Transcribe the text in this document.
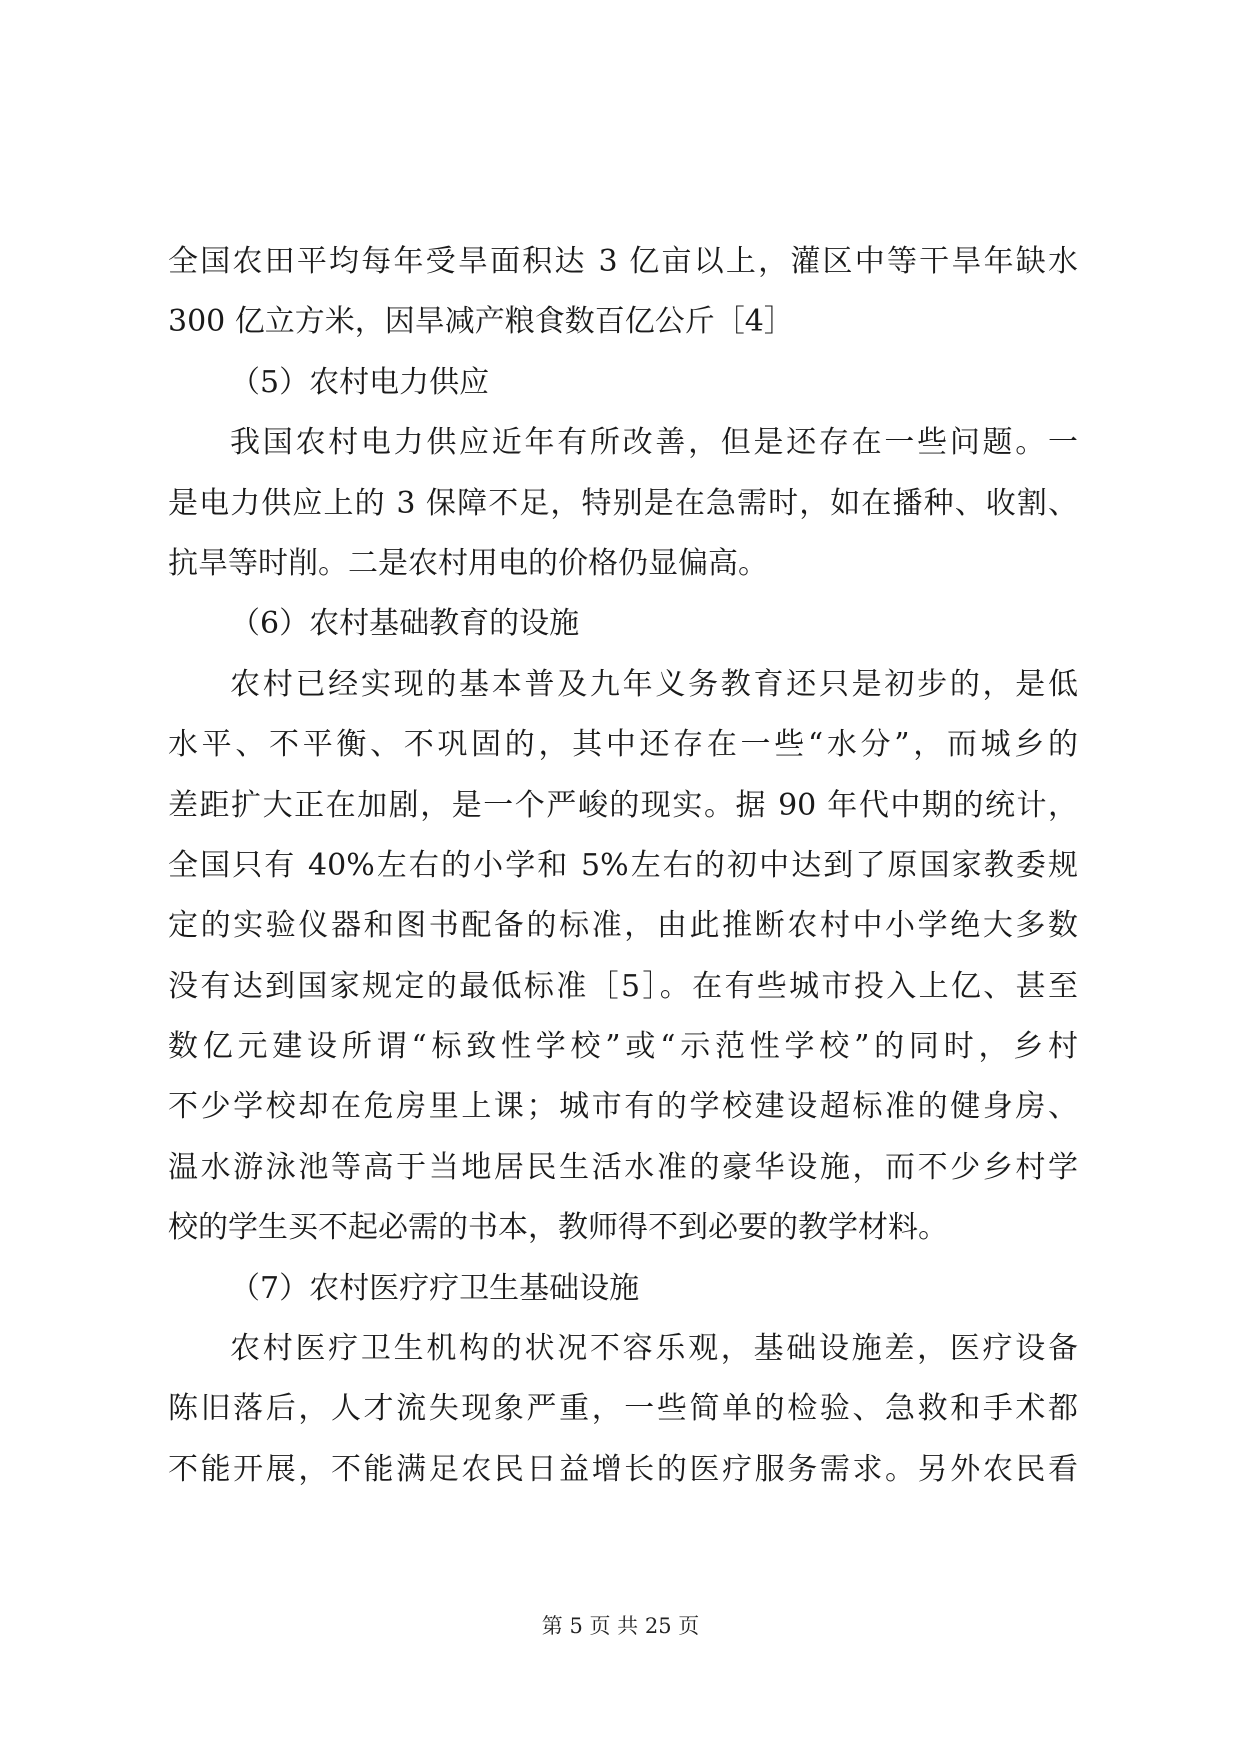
全国农田平均每年受旱面积达 3 亿亩以上，灌区中等干旱年缺水
300 亿立方米，因旱减产粮食数百亿公斤［4］
（5）农村电力供应
我国农村电力供应近年有所改善，但是还存在一些问题。一
是电力供应上的 3 保障不足，特别是在急需时，如在播种、收割、
抗旱等时削。二是农村用电的价格仍显偏高。
（6）农村基础教育的设施
农村已经实现的基本普及九年义务教育还只是初步的，是低
水平、不平衡、不巩固的，其中还存在一些“水分”，而城乡的
差距扩大正在加剧，是一个严峻的现实。据 90 年代中期的统计，
全国只有 40%左右的小学和 5%左右的初中达到了原国家教委规
定的实验仪器和图书配备的标准，由此推断农村中小学绝大多数
没有达到国家规定的最低标准［5］。在有些城市投入上亿、甚至
数亿元建设所谓“标致性学校”或“示范性学校”的同时，乡村
不少学校却在危房里上课；城市有的学校建设超标准的健身房、
温水游泳池等高于当地居民生活水准的豪华设施，而不少乡村学
校的学生买不起必需的书本，教师得不到必要的教学材料。
（7）农村医疗疗卫生基础设施
农村医疗卫生机构的状况不容乐观，基础设施差，医疗设备
陈旧落后，人才流失现象严重，一些简单的检验、急救和手术都
不能开展，不能满足农民日益增长的医疗服务需求。另外农民看
第 5 页 共 25 页
